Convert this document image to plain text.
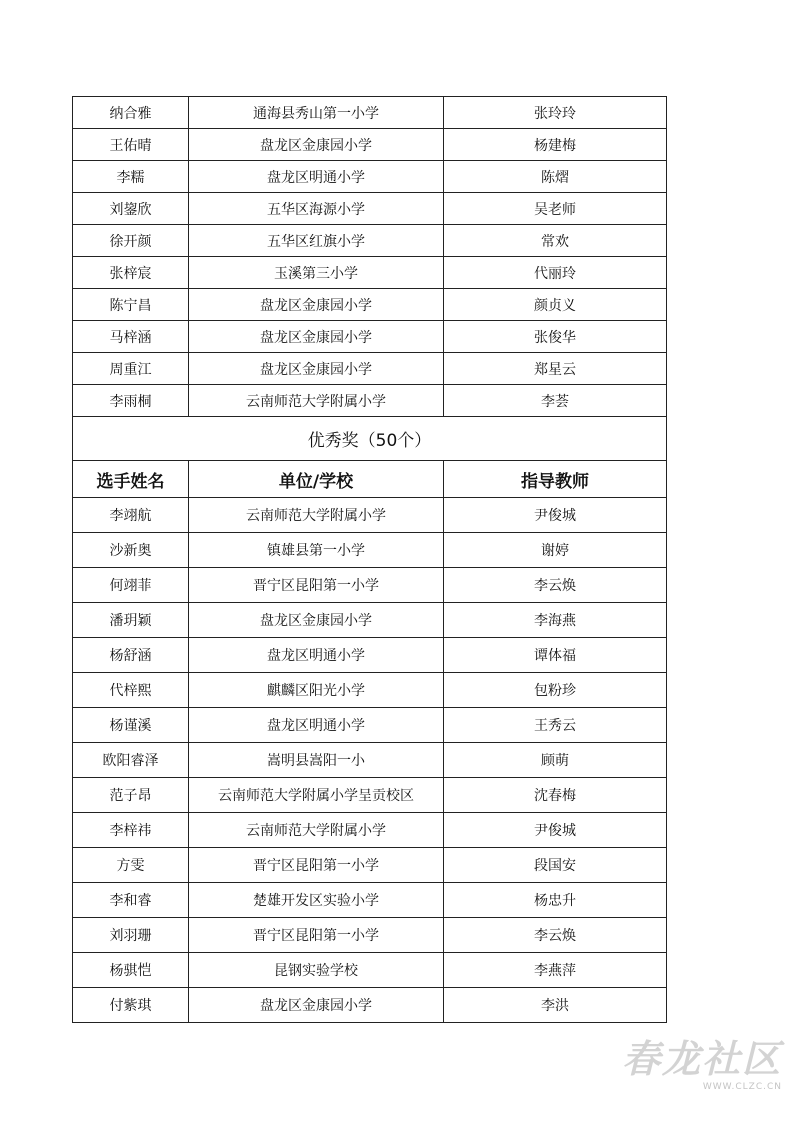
纳合雅	通海县秀山第一小学	张玲玲
王佑晴	盘龙区金康园小学	杨建梅
李糯	盘龙区明通小学	陈熠
刘鋆欣	五华区海源小学	吴老师
徐开颜	五华区红旗小学	常欢
张梓宸	玉溪第三小学	代丽玲
陈宁昌	盘龙区金康园小学	颜贞义
马梓涵	盘龙区金康园小学	张俊华
周重江	盘龙区金康园小学	郑星云
李雨桐	云南师范大学附属小学	李荟
优秀奖（50个）		
选手姓名	单位/学校	指导教师
李翊航	云南师范大学附属小学	尹俊城
沙新奥	镇雄县第一小学	谢婷
何翊菲	晋宁区昆阳第一小学	李云焕
潘玥颖	盘龙区金康园小学	李海燕
杨舒涵	盘龙区明通小学	谭体福
代梓熙	麒麟区阳光小学	包粉珍
杨谨溪	盘龙区明通小学	王秀云
欧阳睿泽	嵩明县嵩阳一小	顾萌
范子昂	云南师范大学附属小学呈贡校区	沈春梅
李梓祎	云南师范大学附属小学	尹俊城
方雯	晋宁区昆阳第一小学	段国安
李和睿	楚雄开发区实验小学	杨忠升
刘羽珊	晋宁区昆阳第一小学	李云焕
杨骐恺	昆钢实验学校	李燕萍
付紫琪	盘龙区金康园小学	李洪
春龙社区
WWW.CLZC.CN
